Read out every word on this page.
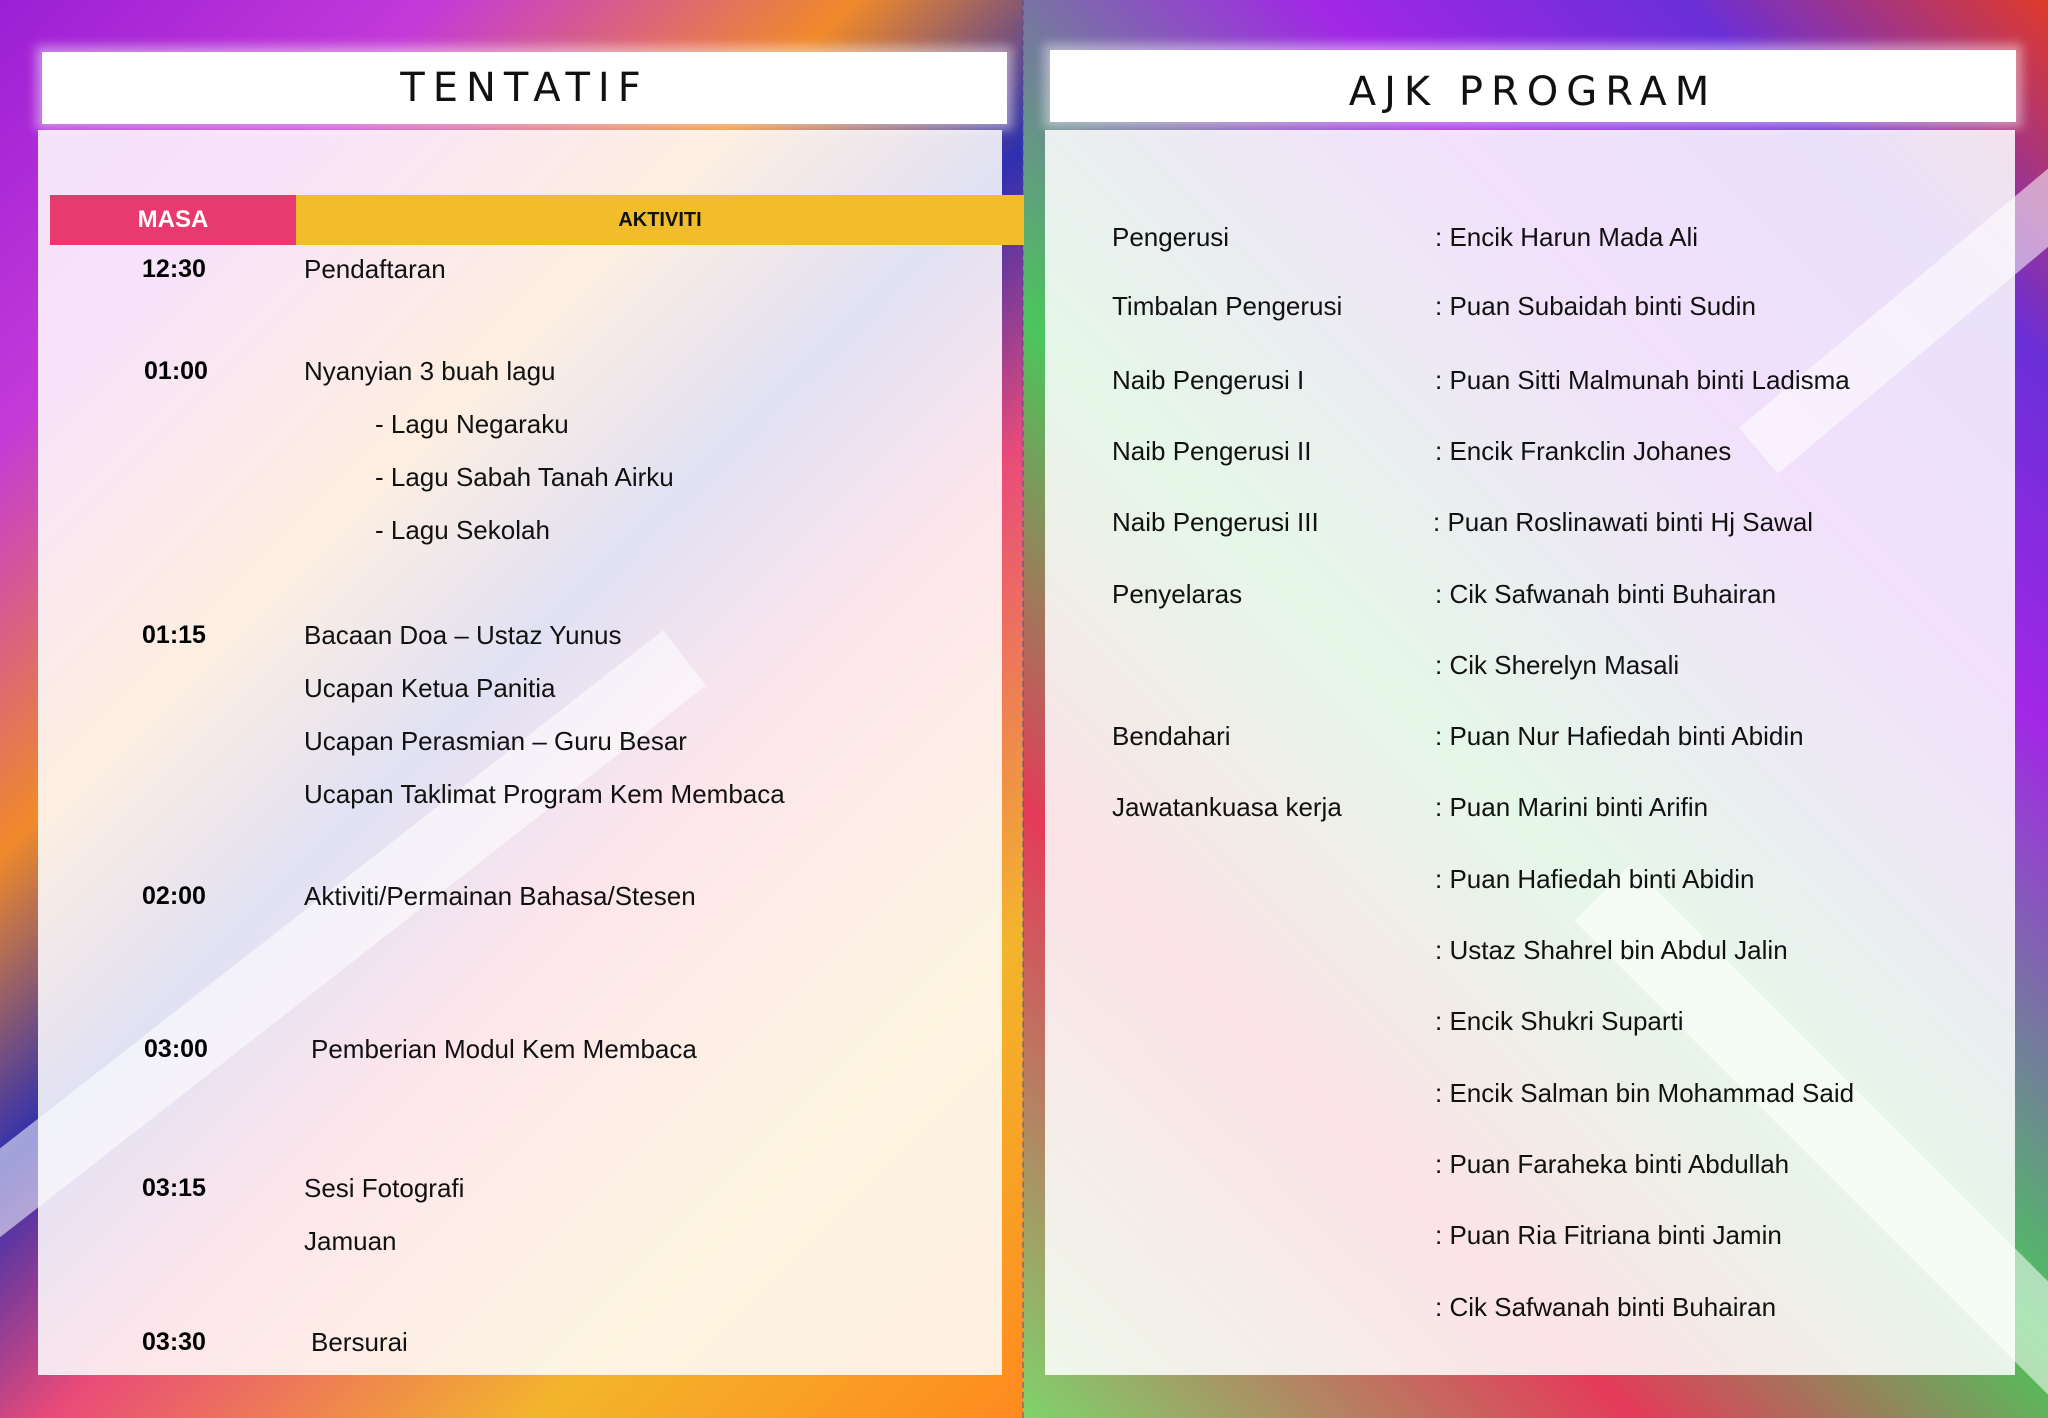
TENTATIF
MASA	AKTIVITI
12:30
01:00
01:15
02:00
03:00
03:15
03:30
Pendaftaran
Nyanyian 3 buah lagu
- Lagu Negaraku
- Lagu Sabah Tanah Airku
- Lagu Sekolah
Bacaan Doa – Ustaz Yunus
Ucapan Ketua Panitia
Ucapan Perasmian – Guru Besar
Ucapan Taklimat Program Kem Membaca
Aktiviti/Permainan Bahasa/Stesen
Pemberian Modul Kem Membaca
Sesi Fotografi
Jamuan
Bersurai
AJK PROGRAM
Pengerusi
Timbalan Pengerusi
Naib Pengerusi I
Naib Pengerusi II
Naib Pengerusi III
Penyelaras
Bendahari
Jawatankuasa kerja
: Encik Harun Mada Ali
: Puan Subaidah binti Sudin
: Puan Sitti Malmunah binti Ladisma
: Encik Frankclin Johanes
: Puan Roslinawati binti Hj Sawal
: Cik Safwanah binti Buhairan
: Cik Sherelyn Masali
: Puan Nur Hafiedah binti Abidin
: Puan Marini binti Arifin
: Puan Hafiedah binti Abidin
: Ustaz Shahrel bin Abdul Jalin
: Encik Shukri Suparti
: Encik Salman bin Mohammad Said
: Puan Faraheka binti Abdullah
: Puan Ria Fitriana binti Jamin
: Cik Safwanah binti Buhairan
